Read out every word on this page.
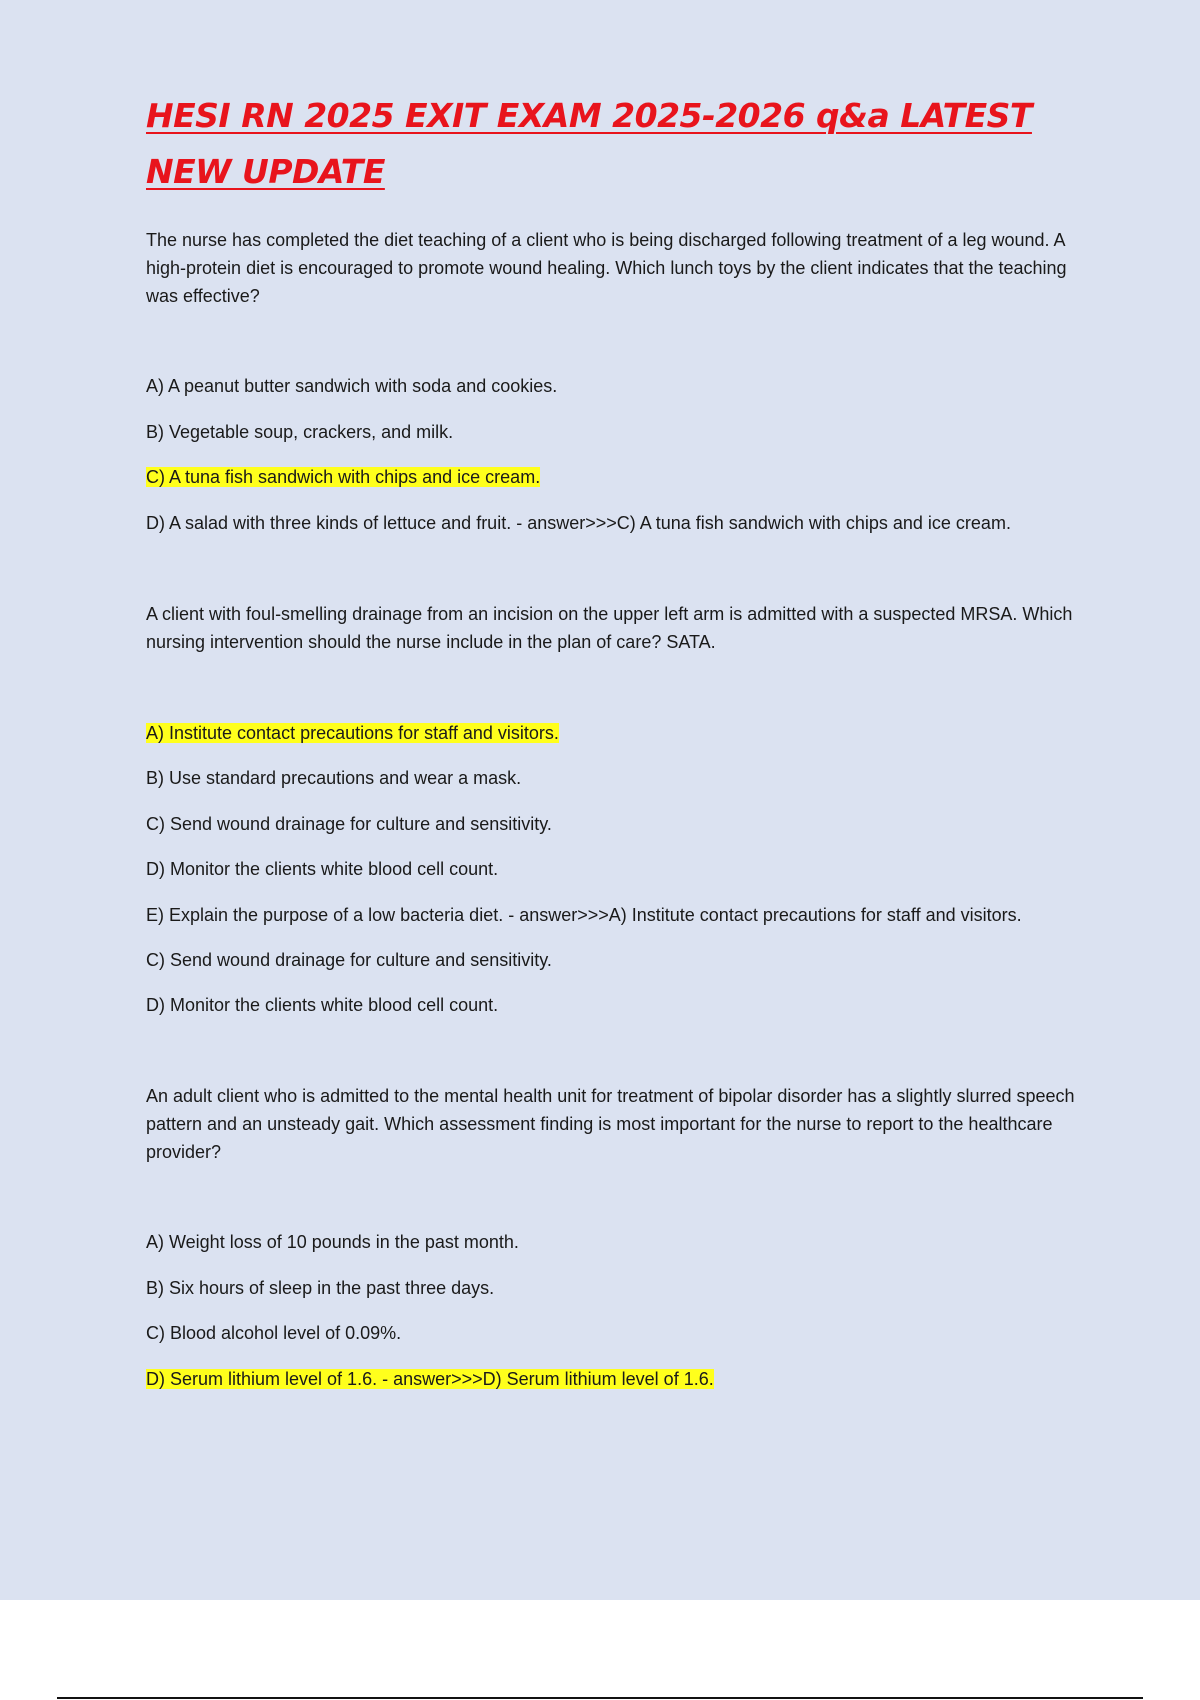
HESI RN 2025 EXIT EXAM 2025-2026 q&a LATEST NEW UPDATE

The nurse has completed the diet teaching of a client who is being discharged following treatment of a leg wound. A high-protein diet is encouraged to promote wound healing. Which lunch toys by the client indicates that the teaching was effective?

A) A peanut butter sandwich with soda and cookies.

B) Vegetable soup, crackers, and milk.

C) A tuna fish sandwich with chips and ice cream.

D) A salad with three kinds of lettuce and fruit. - answer>>>C) A tuna fish sandwich with chips and ice cream.

A client with foul-smelling drainage from an incision on the upper left arm is admitted with a suspected MRSA. Which nursing intervention should the nurse include in the plan of care? SATA.

A) Institute contact precautions for staff and visitors.

B) Use standard precautions and wear a mask.

C) Send wound drainage for culture and sensitivity.

D) Monitor the clients white blood cell count.

E) Explain the purpose of a low bacteria diet. - answer>>>A) Institute contact precautions for staff and visitors.

C) Send wound drainage for culture and sensitivity.

D) Monitor the clients white blood cell count.

An adult client who is admitted to the mental health unit for treatment of bipolar disorder has a slightly slurred speech pattern and an unsteady gait. Which assessment finding is most important for the nurse to report to the healthcare provider?

A) Weight loss of 10 pounds in the past month.

B) Six hours of sleep in the past three days.

C) Blood alcohol level of 0.09%.

D) Serum lithium level of 1.6. - answer>>>D) Serum lithium level of 1.6.
